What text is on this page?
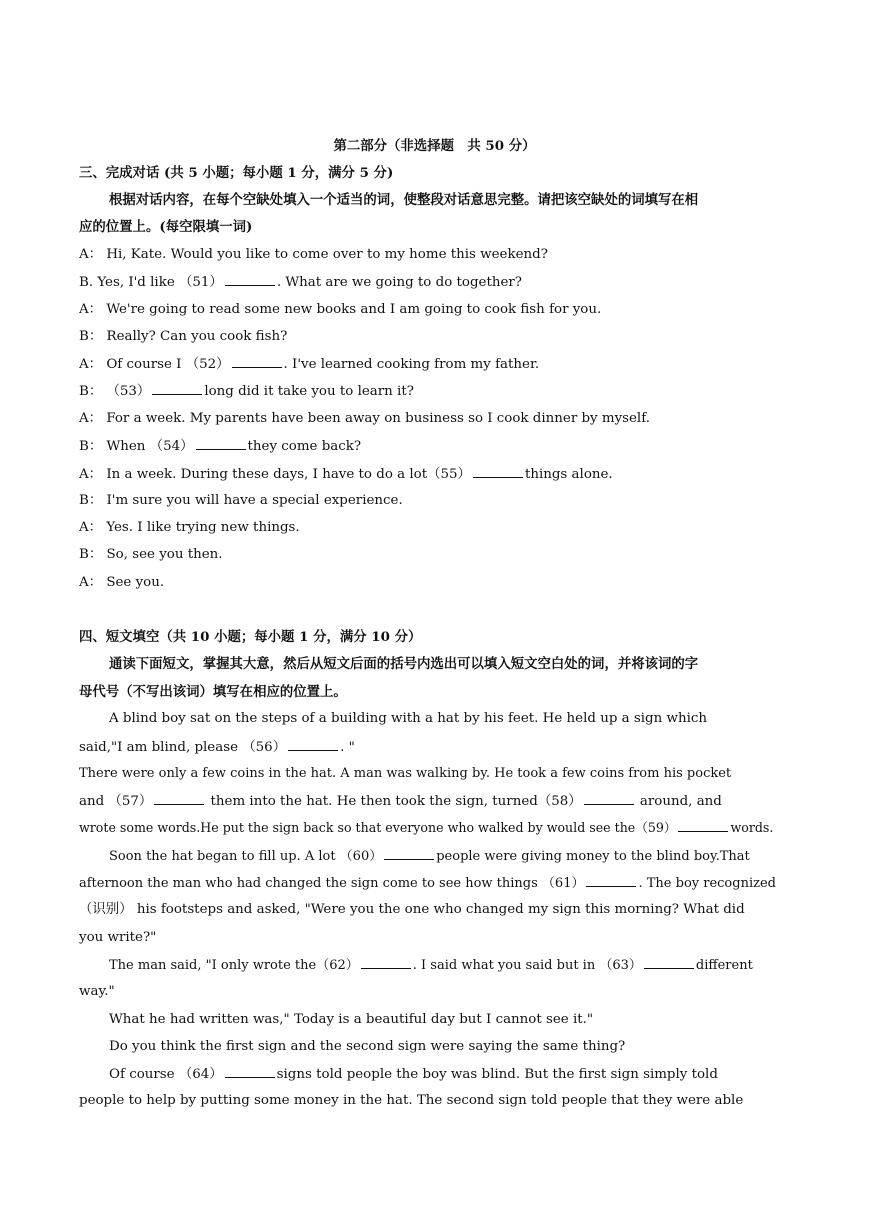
第二部分（非选择题　共 50 分）
三、完成对话 (共 5 小题；每小题 1 分，满分 5 分)
根据对话内容，在每个空缺处填入一个适当的词，使整段对话意思完整。请把该空缺处的词填写在相
应的位置上。(每空限填一词)
A： Hi, Kate. Would you like to come over to my home this weekend?
B. Yes, I'd like （51）	. What are we going to do together?
A： We're going to read some new books and I am going to cook fish for you.
B： Really? Can you cook fish?
A： Of course I （52）	. I've learned cooking from my father.
B： （53）	long did it take you to learn it?
A： For a week. My parents have been away on business so I cook dinner by myself.
B： When （54）	they come back?
A： In a week. During these days, I have to do a lot（55）	things alone.
B： I'm sure you will have a special experience.
A： Yes. I like trying new things.
B： So, see you then.
A： See you.
四、短文填空（共 10 小题；每小题 1 分，满分 10 分）
通读下面短文，掌握其大意，然后从短文后面的括号内选出可以填入短文空白处的词，并将该词的字
母代号（不写出该词）填写在相应的位置上。
A blind boy sat on the steps of a building with a hat by his feet. He held up a sign which
said,"I am blind, please （56）	. "
There were only a few coins in the hat. A man was walking by. He took a few coins from his pocket
and （57）	them into the hat. He then took the sign, turned（58）	around, and
wrote some words.He put the sign back so that everyone who walked by would see the（59）	words.
Soon the hat began to fill up. A lot （60）	people were giving money to the blind boy.That
afternoon the man who had changed the sign come to see how things （61）	. The boy recognized
（识别） his footsteps and asked, "Were you the one who changed my sign this morning? What did
you write?"
The man said, "I only wrote the（62）	. I said what you said but in （63）	different
way."
What he had written was," Today is a beautiful day but I cannot see it."
Do you think the first sign and the second sign were saying the same thing?
Of course （64）	signs told people the boy was blind. But the first sign simply told
people to help by putting some money in the hat. The second sign told people that they were able
